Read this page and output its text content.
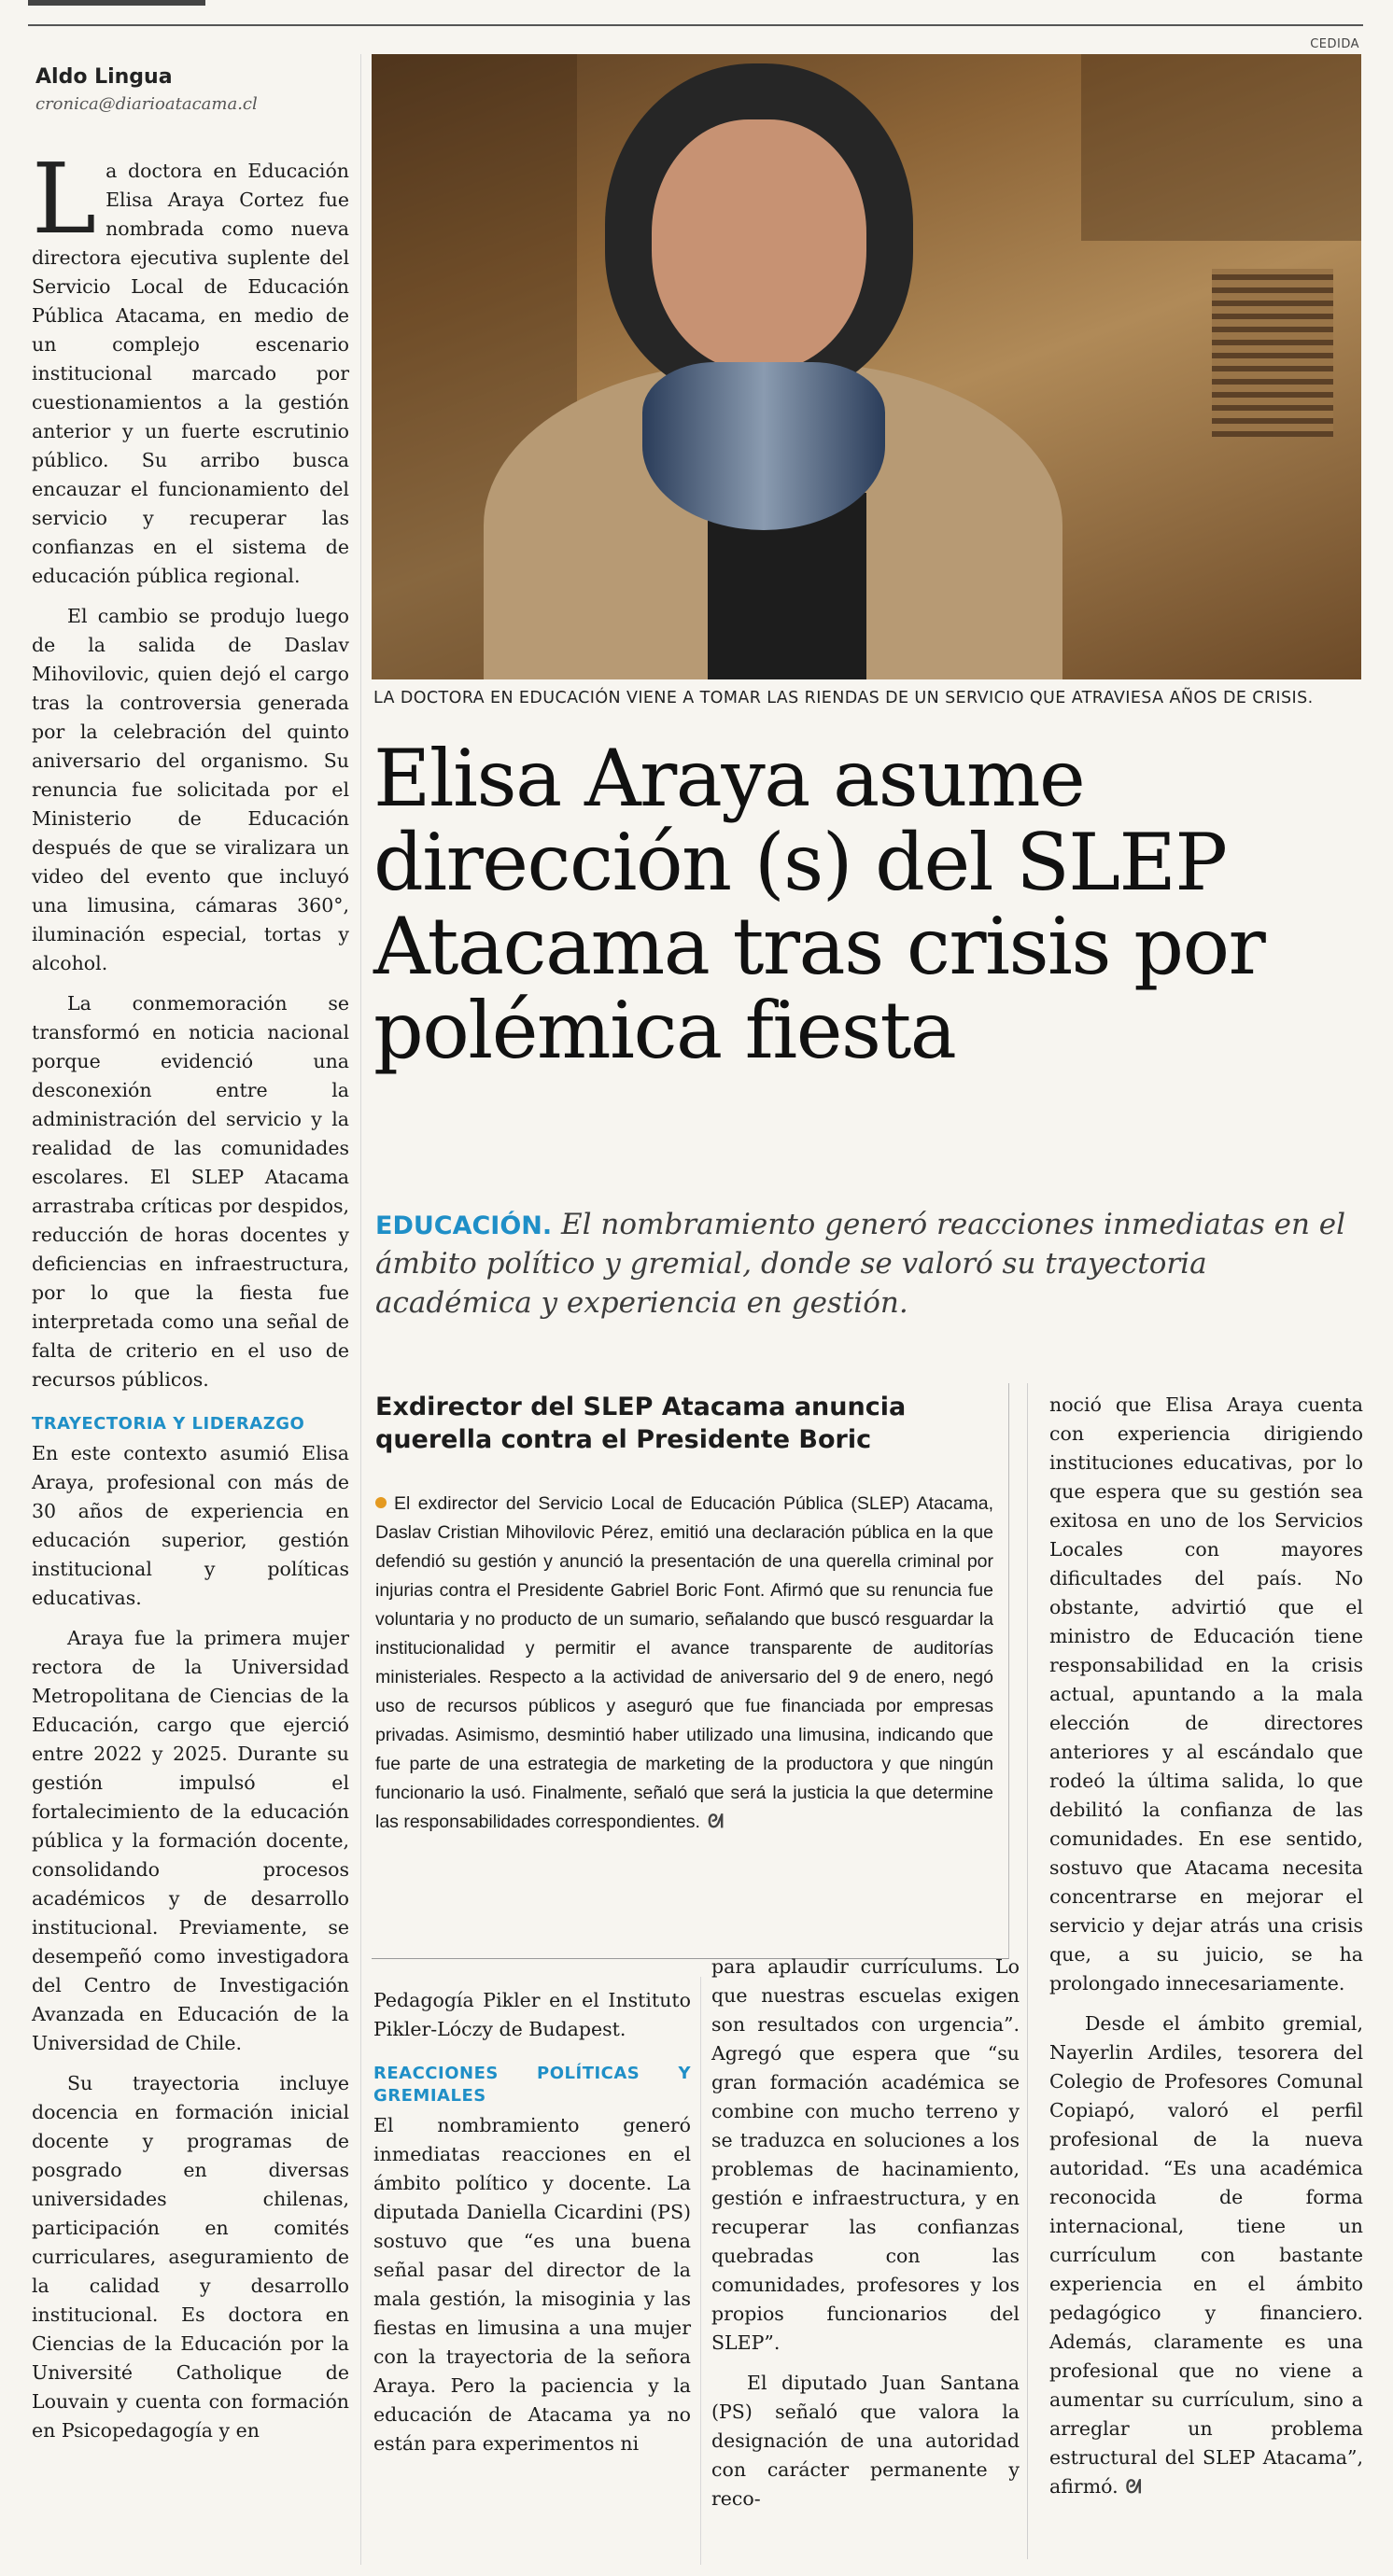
CEDIDA
Aldo Lingua
cronica@diarioatacama.cl

La doctora en Educación Elisa Araya Cortez fue nombrada como nueva directora ejecutiva suplente del Servicio Local de Educación Pública Atacama, en medio de un complejo escenario institucional marcado por cuestionamientos a la gestión anterior y un fuerte escrutinio público. Su arribo busca encauzar el funcionamiento del servicio y recuperar las confianzas en el sistema de educación pública regional.

El cambio se produjo luego de la salida de Daslav Mihovilovic, quien dejó el cargo tras la controversia generada por la celebración del quinto aniversario del organismo. Su renuncia fue solicitada por el Ministerio de Educación después de que se viralizara un video del evento que incluyó una limusina, cámaras 360°, iluminación especial, tortas y alcohol.

La conmemoración se transformó en noticia nacional porque evidenció una desconexión entre la administración del servicio y la realidad de las comunidades escolares. El SLEP Atacama arrastraba críticas por despidos, reducción de horas docentes y deficiencias en infraestructura, por lo que la fiesta fue interpretada como una señal de falta de criterio en el uso de recursos públicos.

TRAYECTORIA Y LIDERAZGO

En este contexto asumió Elisa Araya, profesional con más de 30 años de experiencia en educación superior, gestión institucional y políticas educativas.

Araya fue la primera mujer rectora de la Universidad Metropolitana de Ciencias de la Educación, cargo que ejerció entre 2022 y 2025. Durante su gestión impulsó el fortalecimiento de la educación pública y la formación docente, consolidando procesos académicos y de desarrollo institucional. Previamente, se desempeñó como investigadora del Centro de Investigación Avanzada en Educación de la Universidad de Chile.

Su trayectoria incluye docencia en formación inicial docente y programas de posgrado en diversas universidades chilenas, participación en comités curriculares, aseguramiento de la calidad y desarrollo institucional. Es doctora en Ciencias de la Educación por la Université Catholique de Louvain y cuenta con formación en Psicopedagogía y en

LA DOCTORA EN EDUCACIÓN VIENE A TOMAR LAS RIENDAS DE UN SERVICIO QUE ATRAVIESA AÑOS DE CRISIS.
Elisa Araya asume dirección (s) del SLEP Atacama tras crisis por polémica fiesta
EDUCACIÓN. El nombramiento generó reacciones inmediatas en el ámbito político y gremial, donde se valoró su trayectoria académica y experiencia en gestión.
Exdirector del SLEP Atacama anuncia querella contra el Presidente Boric
El exdirector del Servicio Local de Educación Pública (SLEP) Atacama, Daslav Cristian Mihovilovic Pérez, emitió una declaración pública en la que defendió su gestión y anunció la presentación de una querella criminal por injurias contra el Presidente Gabriel Boric Font. Afirmó que su renuncia fue voluntaria y no producto de un sumario, señalando que buscó resguardar la institucionalidad y permitir el avance transparente de auditorías ministeriales. Respecto a la actividad de aniversario del 9 de enero, negó uso de recursos públicos y aseguró que fue financiada por empresas privadas. Asimismo, desmintió haber utilizado una limusina, indicando que fue parte de una estrategia de marketing de la productora y que ningún funcionario la usó. Finalmente, señaló que será la justicia la que determine las responsabilidades correspondientes. ᘛ

Pedagogía Pikler en el Instituto Pikler-Lóczy de Budapest.

REACCIONES POLÍTICAS Y GREMIALES

El nombramiento generó inmediatas reacciones en el ámbito político y docente. La diputada Daniella Cicardini (PS) sostuvo que “es una buena señal pasar del director de la mala gestión, la misoginia y las fiestas en limusina a una mujer con la trayectoria de la señora Araya. Pero la paciencia y la educación de Atacama ya no están para experimentos ni

para aplaudir currículums. Lo que nuestras escuelas exigen son resultados con urgencia”. Agregó que espera que “su gran formación académica se combine con mucho terreno y se traduzca en soluciones a los problemas de hacinamiento, gestión e infraestructura, y en recuperar las confianzas quebradas con las comunidades, profesores y los propios funcionarios del SLEP”.

El diputado Juan Santana (PS) señaló que valora la designación de una autoridad con carácter permanente y reco-

noció que Elisa Araya cuenta con experiencia dirigiendo instituciones educativas, por lo que espera que su gestión sea exitosa en uno de los Servicios Locales con mayores dificultades del país. No obstante, advirtió que el ministro de Educación tiene responsabilidad en la crisis actual, apuntando a la mala elección de directores anteriores y al escándalo que rodeó la última salida, lo que debilitó la confianza de las comunidades. En ese sentido, sostuvo que Atacama necesita concentrarse en mejorar el servicio y dejar atrás una crisis que, a su juicio, se ha prolongado innecesariamente.

Desde el ámbito gremial, Nayerlin Ardiles, tesorera del Colegio de Profesores Comunal Copiapó, valoró el perfil profesional de la nueva autoridad. “Es una académica reconocida de forma internacional, tiene un currículum con bastante experiencia en el ámbito pedagógico y financiero. Además, claramente es una profesional que no viene a aumentar su currículum, sino a arreglar un problema estructural del SLEP Atacama”, afirmó. ᘛ
